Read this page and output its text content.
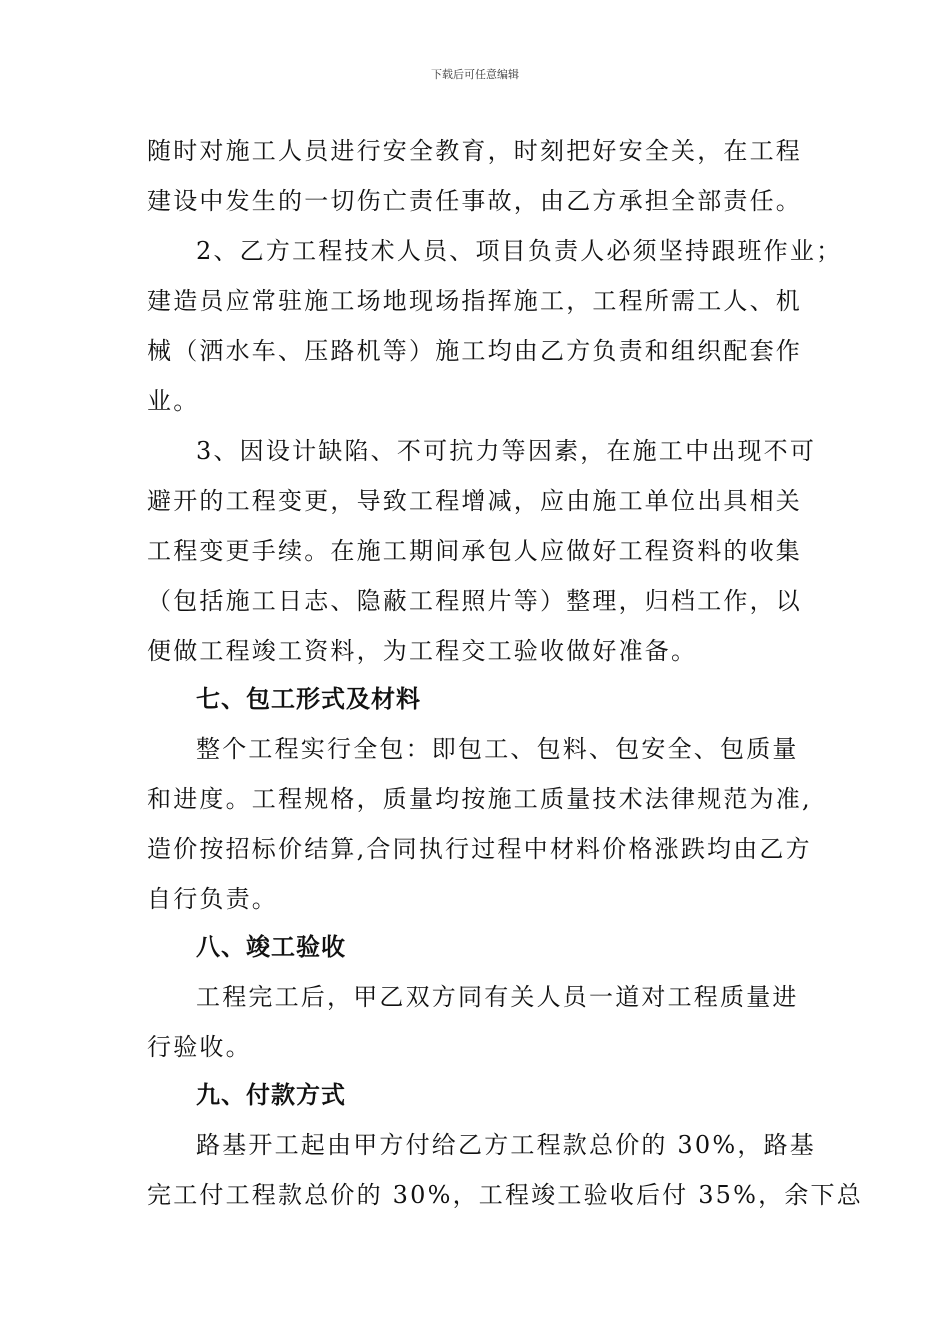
下载后可任意编辑
随时对施工人员进行安全教育，时刻把好安全关，在工程
建设中发生的一切伤亡责任事故，由乙方承担全部责任。
2、乙方工程技术人员、项目负责人必须坚持跟班作业；
建造员应常驻施工场地现场指挥施工，工程所需工人、机
械（洒水车、压路机等）施工均由乙方负责和组织配套作
业。
3、因设计缺陷、不可抗力等因素，在施工中出现不可
避开的工程变更，导致工程增减，应由施工单位出具相关
工程变更手续。在施工期间承包人应做好工程资料的收集
（包括施工日志、隐蔽工程照片等）整理，归档工作，以
便做工程竣工资料，为工程交工验收做好准备。
七、包工形式及材料
整个工程实行全包：即包工、包料、包安全、包质量
和进度。工程规格，质量均按施工质量技术法律规范为准,
造价按招标价结算,合同执行过程中材料价格涨跌均由乙方
自行负责。
八、竣工验收
工程完工后，甲乙双方同有关人员一道对工程质量进
行验收。
九、付款方式
路基开工起由甲方付给乙方工程款总价的 30%，路基
完工付工程款总价的 30%，工程竣工验收后付 35%，余下总
